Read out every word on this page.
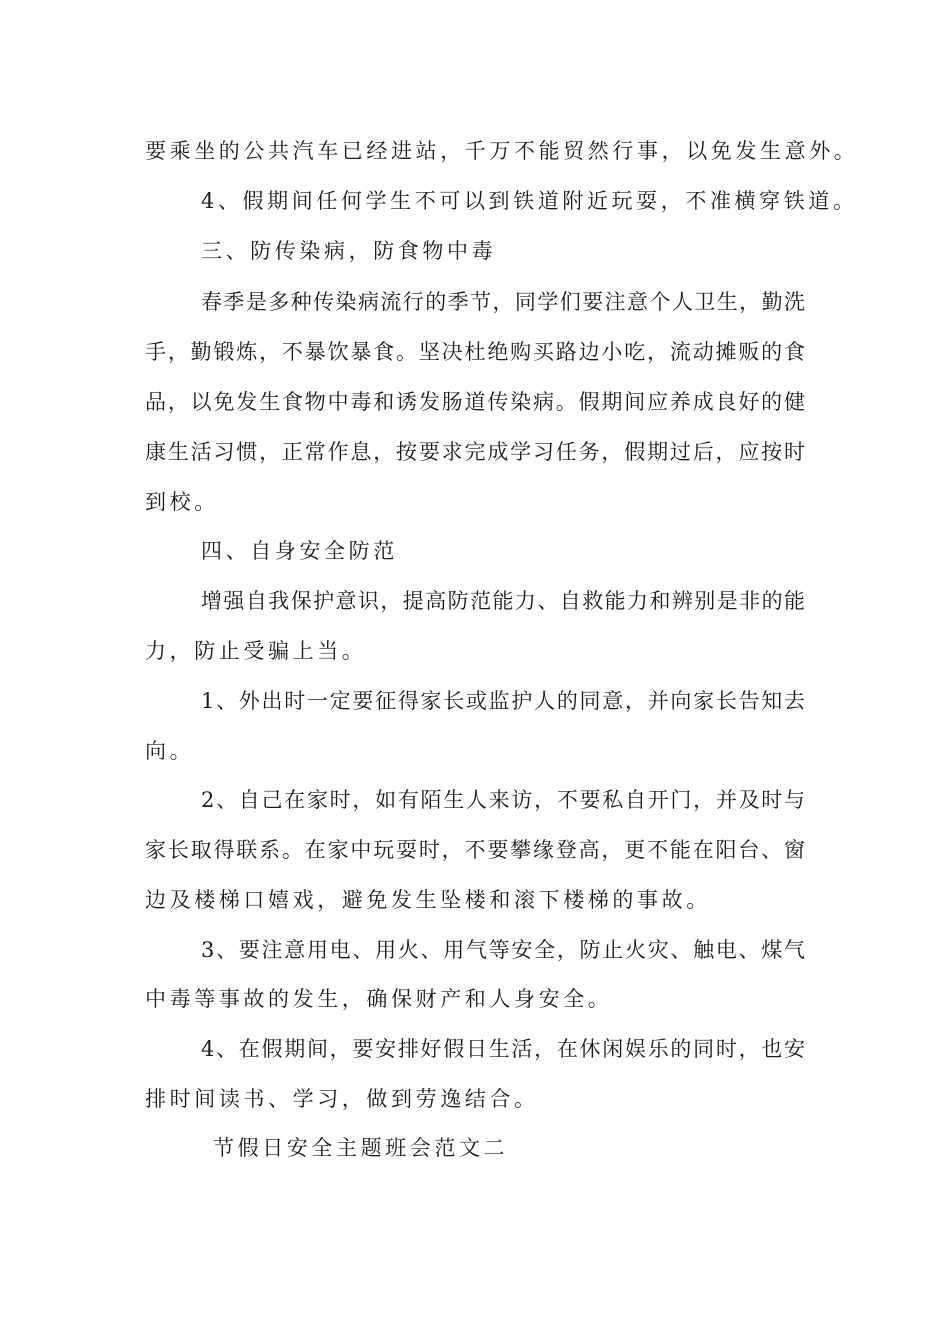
要乘坐的公共汽车已经进站，千万不能贸然行事，以免发生意外。
4、假期间任何学生不可以到铁道附近玩耍，不准横穿铁道。
三、防传染病，防食物中毒
春季是多种传染病流行的季节，同学们要注意个人卫生，勤洗
手，勤锻炼，不暴饮暴食。坚决杜绝购买路边小吃，流动摊贩的食
品，以免发生食物中毒和诱发肠道传染病。假期间应养成良好的健
康生活习惯，正常作息，按要求完成学习任务，假期过后，应按时
到校。
四、自身安全防范
增强自我保护意识，提高防范能力、自救能力和辨别是非的能
力，防止受骗上当。
1、外出时一定要征得家长或监护人的同意，并向家长告知去
向。
2、自己在家时，如有陌生人来访，不要私自开门，并及时与
家长取得联系。在家中玩耍时，不要攀缘登高，更不能在阳台、窗
边及楼梯口嬉戏，避免发生坠楼和滚下楼梯的事故。
3、要注意用电、用火、用气等安全，防止火灾、触电、煤气
中毒等事故的发生，确保财产和人身安全。
4、在假期间，要安排好假日生活，在休闲娱乐的同时，也安
排时间读书、学习，做到劳逸结合。
节假日安全主题班会范文二
